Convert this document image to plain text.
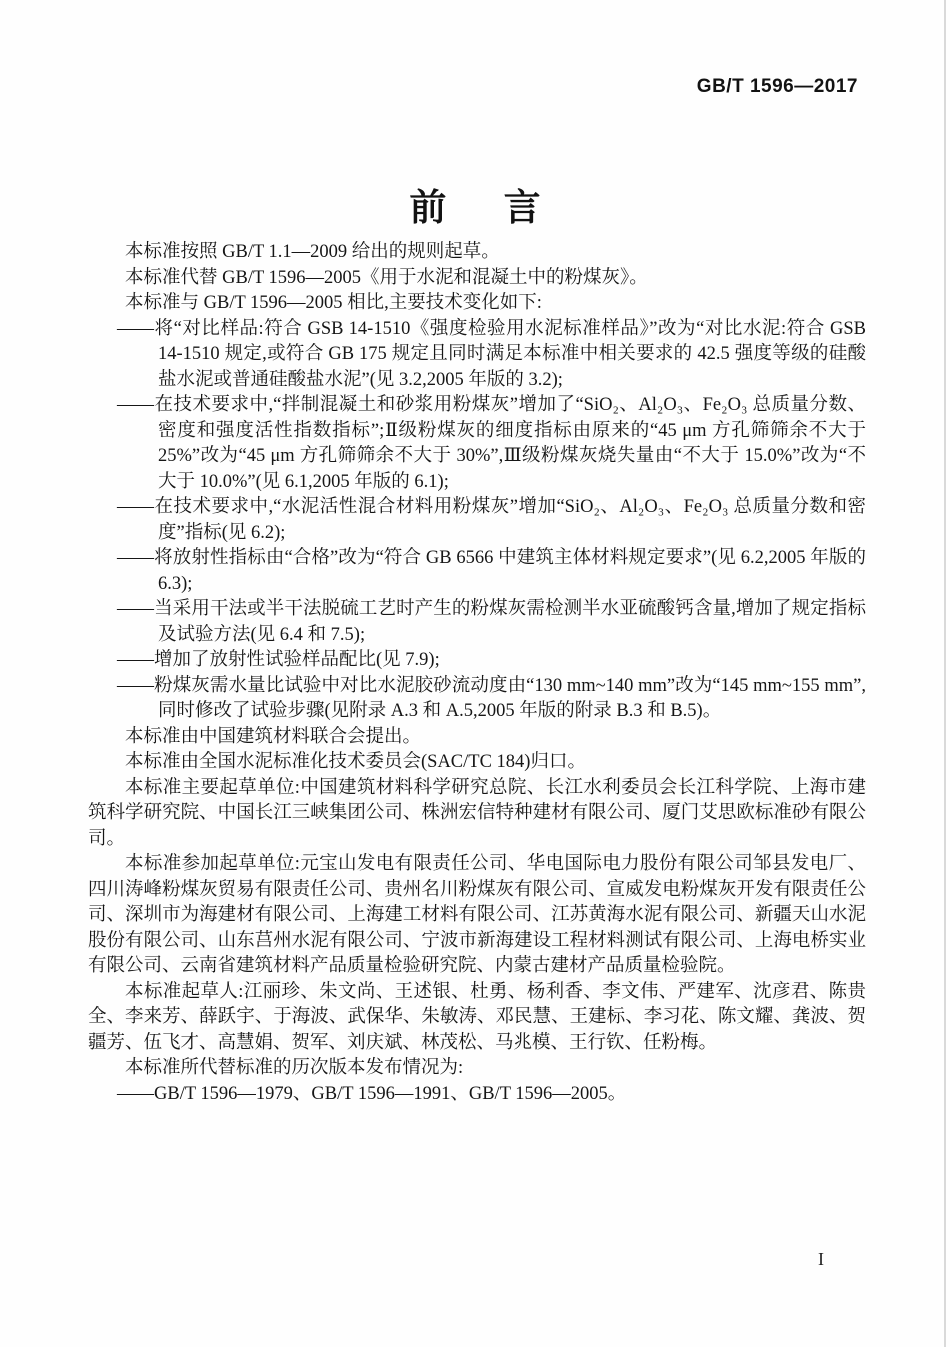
GB/T 1596—2017
前言

本标准按照 GB/T 1.1—2009 给出的规则起草。

本标准代替 GB/T 1596—2005《用于水泥和混凝土中的粉煤灰》。

本标准与 GB/T 1596—2005 相比,主要技术变化如下:

——将“对比样品:符合 GSB 14-1510《强度检验用水泥标准样品》”改为“对比水泥:符合 GSB 14-1510 规定,或符合 GB 175 规定且同时满足本标准中相关要求的 42.5 强度等级的硅酸盐水泥或普通硅酸盐水泥”(见 3.2,2005 年版的 3.2);

——在技术要求中,“拌制混凝土和砂浆用粉煤灰”增加了“SiO₂、Al₂O₃、Fe₂O₃ 总质量分数、密度和强度活性指数指标”;Ⅱ级粉煤灰的细度指标由原来的“45 μm 方孔筛筛余不大于 25%”改为“45 μm 方孔筛筛余不大于 30%”,Ⅲ级粉煤灰烧失量由“不大于 15.0%”改为“不大于 10.0%”(见 6.1,2005 年版的 6.1);

——在技术要求中,“水泥活性混合材料用粉煤灰”增加“SiO₂、Al₂O₃、Fe₂O₃ 总质量分数和密度”指标(见 6.2);

——将放射性指标由“合格”改为“符合 GB 6566 中建筑主体材料规定要求”(见 6.2,2005 年版的 6.3);

——当采用干法或半干法脱硫工艺时产生的粉煤灰需检测半水亚硫酸钙含量,增加了规定指标及试验方法(见 6.4 和 7.5);

——增加了放射性试验样品配比(见 7.9);

——粉煤灰需水量比试验中对比水泥胶砂流动度由“130 mm~140 mm”改为“145 mm~155 mm”,同时修改了试验步骤(见附录 A.3 和 A.5,2005 年版的附录 B.3 和 B.5)。

本标准由中国建筑材料联合会提出。

本标准由全国水泥标准化技术委员会(SAC/TC 184)归口。

本标准主要起草单位:中国建筑材料科学研究总院、长江水利委员会长江科学院、上海市建筑科学研究院、中国长江三峡集团公司、株洲宏信特种建材有限公司、厦门艾思欧标准砂有限公司。

本标准参加起草单位:元宝山发电有限责任公司、华电国际电力股份有限公司邹县发电厂、四川涛峰粉煤灰贸易有限责任公司、贵州名川粉煤灰有限公司、宣威发电粉煤灰开发有限责任公司、深圳市为海建材有限公司、上海建工材料有限公司、江苏黄海水泥有限公司、新疆天山水泥股份有限公司、山东莒州水泥有限公司、宁波市新海建设工程材料测试有限公司、上海电桥实业有限公司、云南省建筑材料产品质量检验研究院、内蒙古建材产品质量检验院。

本标准起草人:江丽珍、朱文尚、王述银、杜勇、杨利香、李文伟、严建军、沈彦君、陈贵全、李来芳、薛跃宇、于海波、武保华、朱敏涛、邓民慧、王建标、李习花、陈文耀、龚波、贺疆芳、伍飞才、高慧娟、贺军、刘庆斌、林茂松、马兆模、王行钦、任粉梅。

本标准所代替标准的历次版本发布情况为:

——GB/T 1596—1979、GB/T 1596—1991、GB/T 1596—2005。

I
